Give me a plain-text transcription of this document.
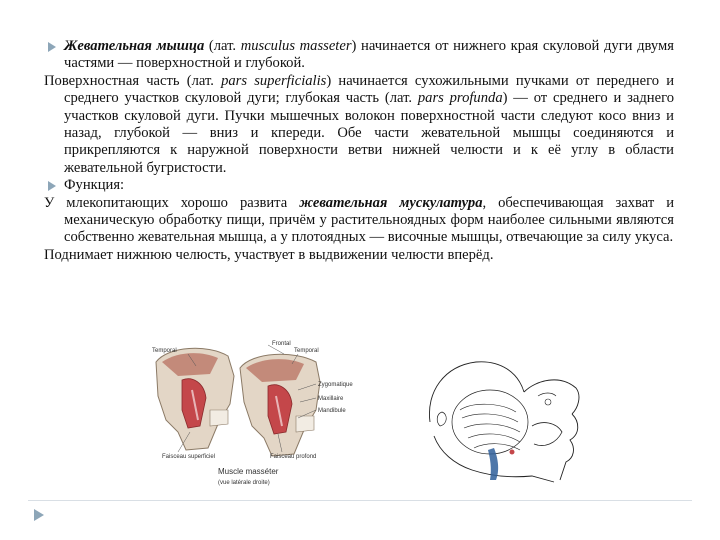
Жевательная мышца (лат. musculus masseter) начинается от нижнего края скуловой дуги двумя частями — поверхностной и глубокой.

Поверхностная часть (лат. pars superficialis) начинается сухожильными пучками от переднего и среднего участков скуловой дуги; глубокая часть (лат. pars profunda) — от среднего и заднего участков скуловой дуги. Пучки мышечных волокон поверхностной части следуют косо вниз и назад, глубокой — вниз и кпереди. Обе части жевательной мышцы соединяются и прикрепляются к наружной поверхности ветви нижней челюсти и к её углу в области жевательной бугристости.

Функция:

У млекопитающих хорошо развита жевательная мускулатура, обеспечивающая захват и механическую обработку пищи, причём у растительноядных форм наиболее сильными являются собственно жевательная мышца, а у плотоядных — височные мышцы, отвечающие за силу укуса.

Поднимает нижнюю челюсть, участвует в выдвижении челюсти вперёд.

Frontal
Temporal	Temporal
Zygomatique
Maxillaire
Mandibule
Faisceau superficiel	Faisceau profond
Muscle masséter
(vue latérale droite)
